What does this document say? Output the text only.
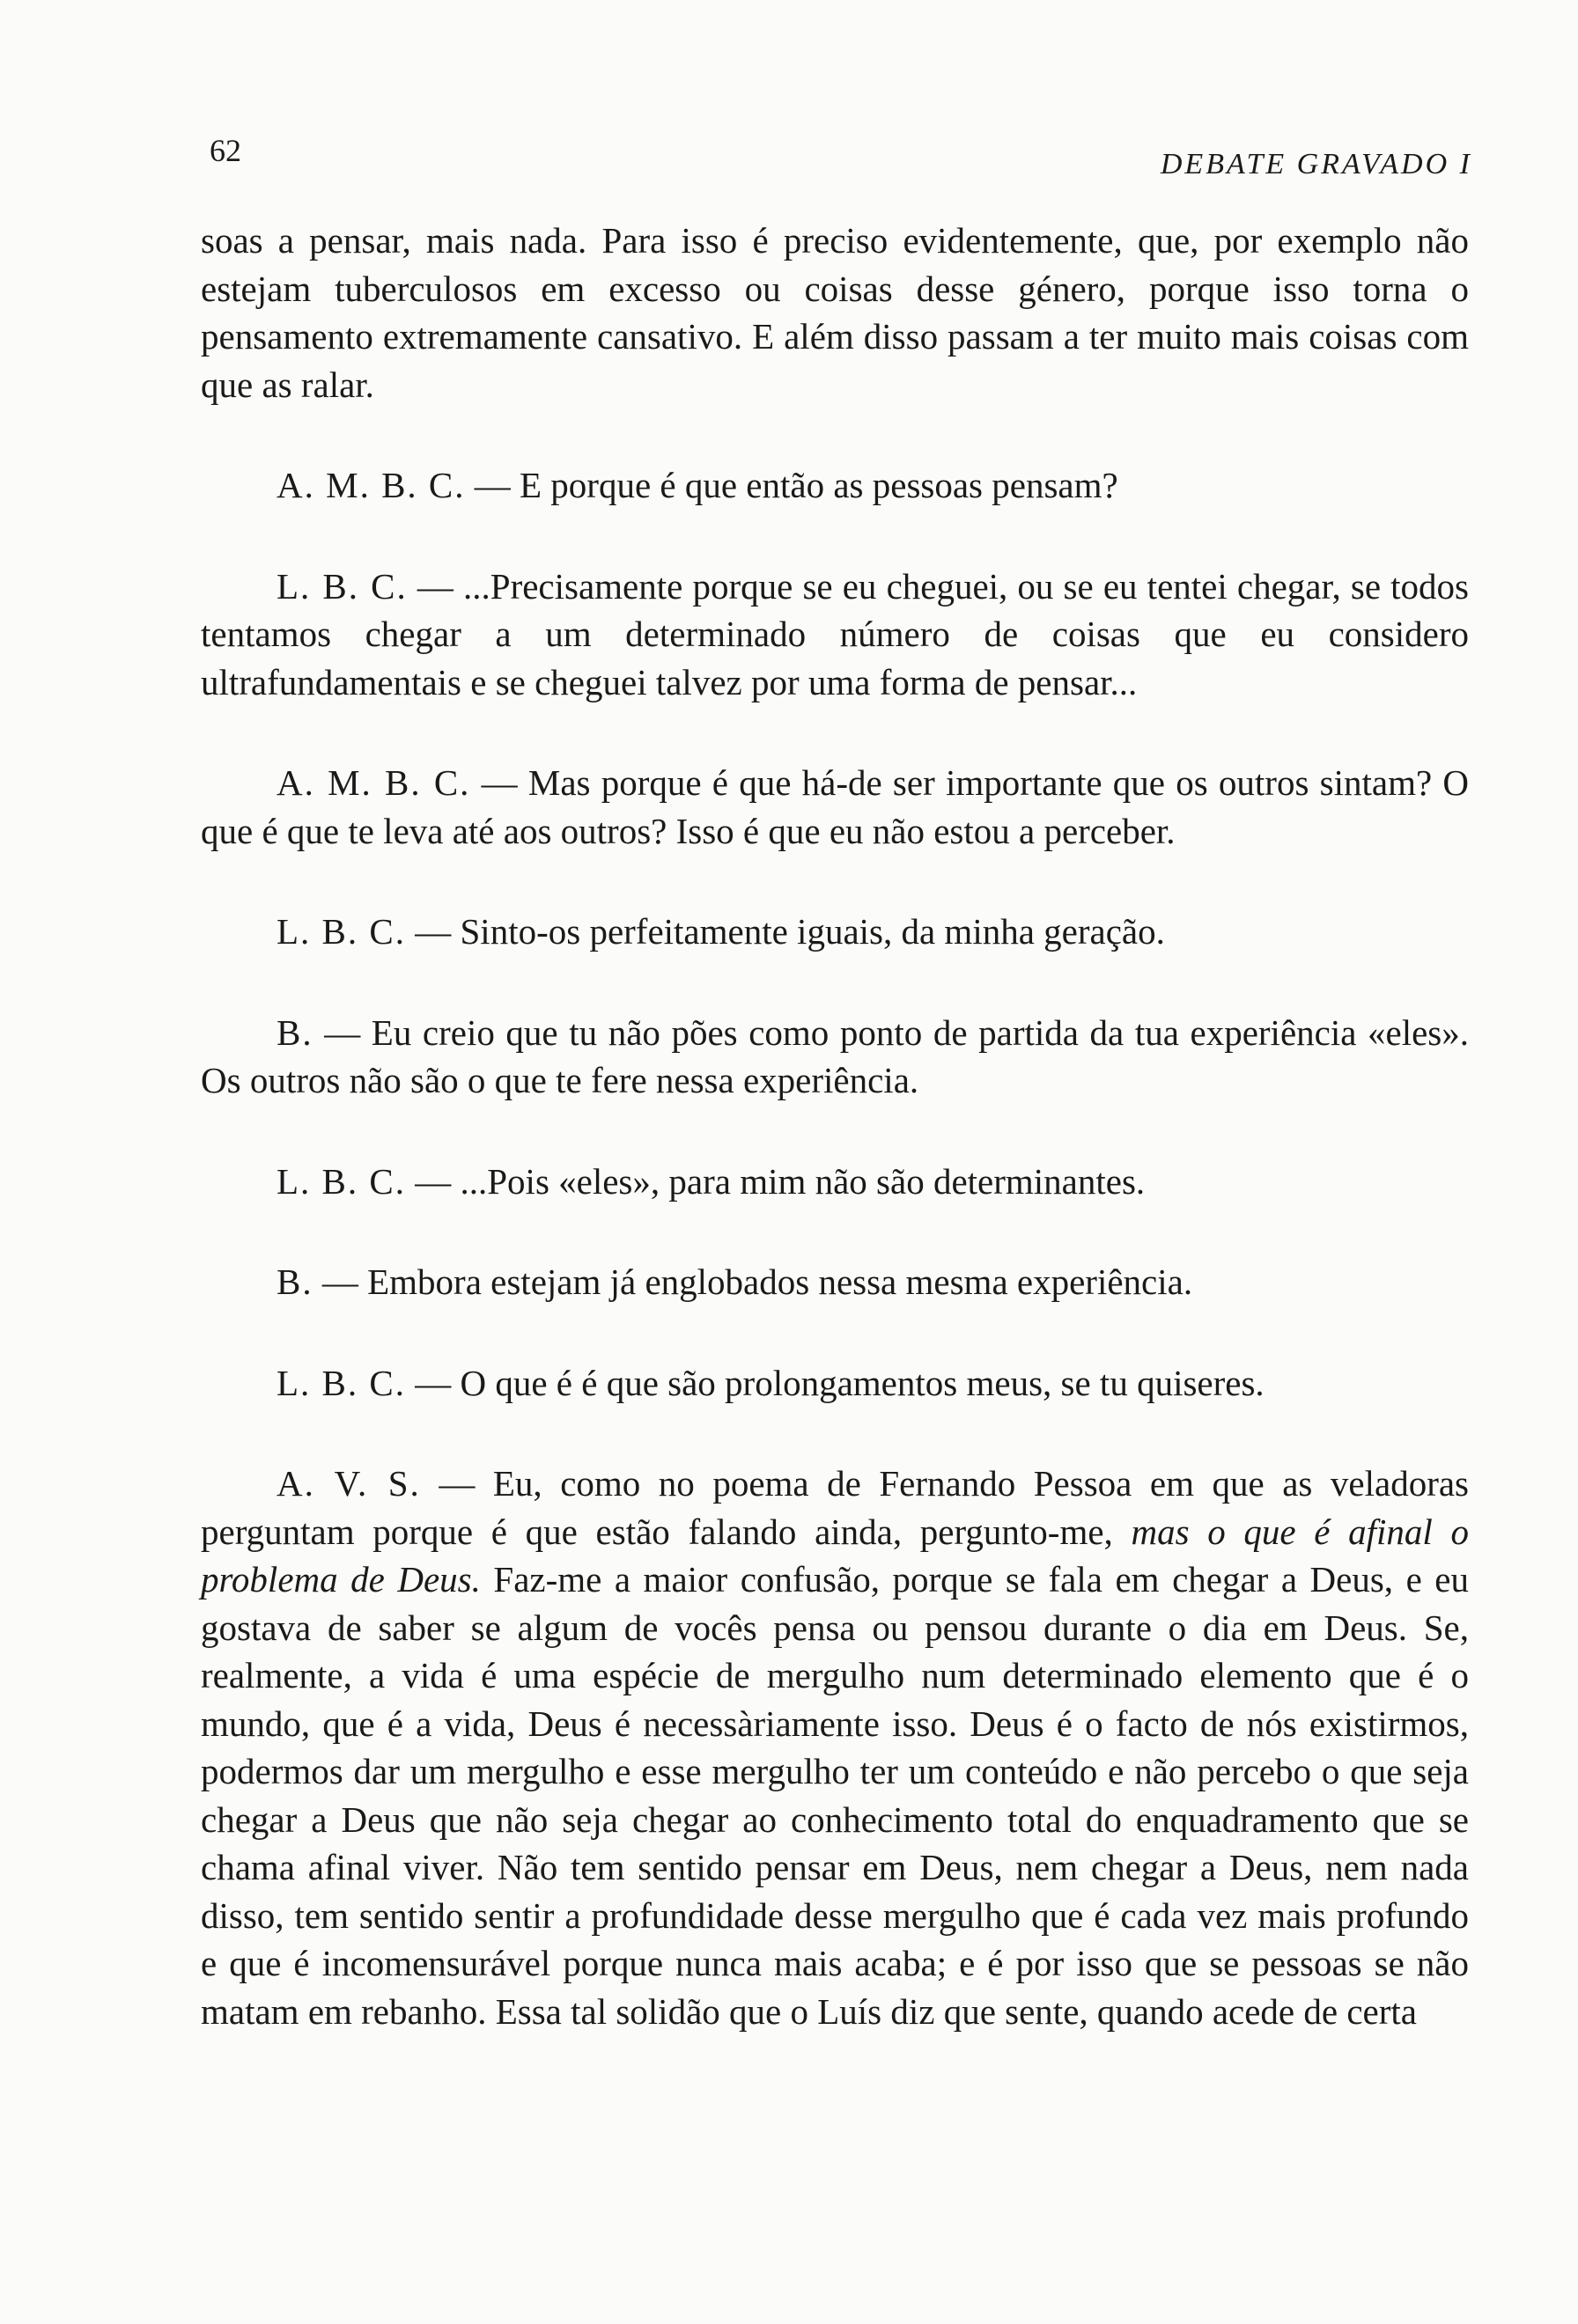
62	DEBATE GRAVADO I

soas a pensar, mais nada. Para isso é preciso evidentemente, que, por exemplo não estejam tuberculosos em excesso ou coisas desse género, porque isso torna o pensamento extremamente cansativo. E além disso passam a ter muito mais coisas com que as ralar.

A. M. B. C. — E porque é que então as pessoas pensam?

L. B. C. — ...Precisamente porque se eu cheguei, ou se eu tentei chegar, se todos tentamos chegar a um determinado número de coisas que eu considero ultrafundamentais e se cheguei talvez por uma forma de pensar...

A. M. B. C. — Mas porque é que há-de ser importante que os outros sintam? O que é que te leva até aos outros? Isso é que eu não estou a perceber.

L. B. C. — Sinto-os perfeitamente iguais, da minha geração.

B. — Eu creio que tu não pões como ponto de partida da tua experiência «eles». Os outros não são o que te fere nessa experiência.

L. B. C. — ...Pois «eles», para mim não são determinantes.

B. — Embora estejam já englobados nessa mesma experiência.

L. B. C. — O que é é que são prolongamentos meus, se tu quiseres.

A. V. S. — Eu, como no poema de Fernando Pessoa em que as veladoras perguntam porque é que estão falando ainda, pergunto-me, mas o que é afinal o problema de Deus. Faz-me a maior confusão, porque se fala em chegar a Deus, e eu gostava de saber se algum de vocês pensa ou pensou durante o dia em Deus. Se, realmente, a vida é uma espécie de mergulho num determinado elemento que é o mundo, que é a vida, Deus é necessàriamente isso. Deus é o facto de nós existirmos, podermos dar um mergulho e esse mergulho ter um conteúdo e não percebo o que seja chegar a Deus que não seja chegar ao conhecimento total do enquadramento que se chama afinal viver. Não tem sentido pensar em Deus, nem chegar a Deus, nem nada disso, tem sentido sentir a profundidade desse mergulho que é cada vez mais profundo e que é incomensurável porque nunca mais acaba; e é por isso que se pessoas se não matam em rebanho. Essa tal solidão que o Luís diz que sente, quando acede de certa
